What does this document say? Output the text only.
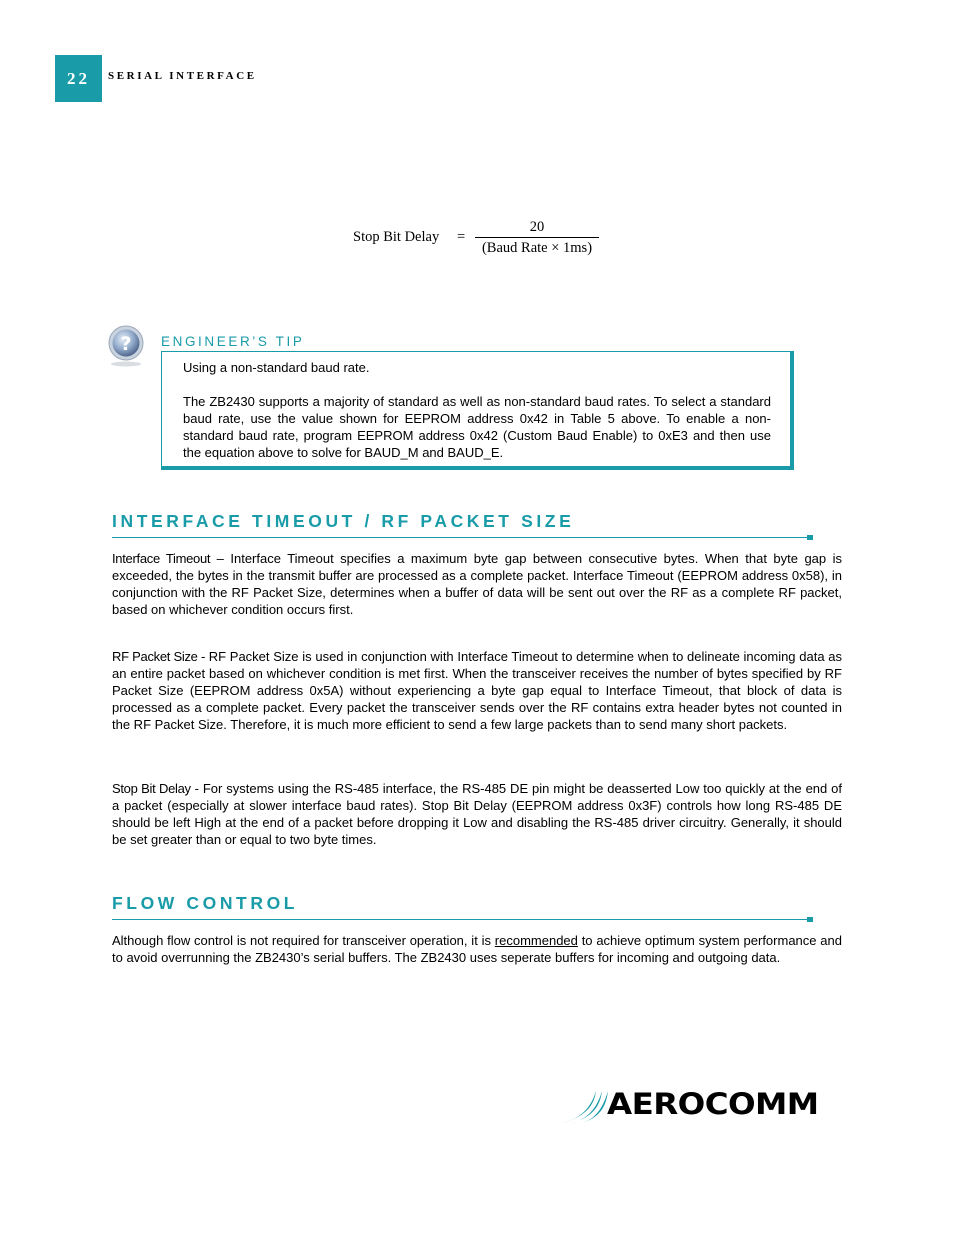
22 SERIAL INTERFACE
Stop Bit Delay =
20
(Baud Rate × 1ms)
? ENGINEER’S TIP
Using a non-standard baud rate.
The ZB2430 supports a majority of standard as well as non-standard baud rates. To select a standard baud rate, use the value shown for EEPROM address 0x42 in Table 5 above. To enable a non-standard baud rate, program EEPROM address 0x42 (Custom Baud Enable) to 0xE3 and then use the equation above to solve for BAUD_M and BAUD_E.
INTERFACE TIMEOUT / RF PACKET SIZE
Interface Timeout – Interface Timeout specifies a maximum byte gap between consecutive bytes. When that byte gap is exceeded, the bytes in the transmit buffer are processed as a complete packet. Interface Timeout (EEPROM address 0x58), in conjunction with the RF Packet Size, determines when a buffer of data will be sent out over the RF as a complete RF packet, based on whichever condition occurs first.
RF Packet Size - RF Packet Size is used in conjunction with Interface Timeout to determine when to delineate incoming data as an entire packet based on whichever condition is met first. When the transceiver receives the number of bytes specified by RF Packet Size (EEPROM address 0x5A) without experiencing a byte gap equal to Interface Timeout, that block of data is processed as a complete packet. Every packet the transceiver sends over the RF contains extra header bytes not counted in the RF Packet Size. Therefore, it is much more efficient to send a few large packets than to send many short packets.
Stop Bit Delay - For systems using the RS-485 interface, the RS-485 DE pin might be deasserted Low too quickly at the end of a packet (especially at slower interface baud rates). Stop Bit Delay (EEPROM address 0x3F) controls how long RS-485 DE should be left High at the end of a packet before dropping it Low and disabling the RS-485 driver circuitry. Generally, it should be set greater than or equal to two byte times.
FLOW CONTROL
Although flow control is not required for transceiver operation, it is recommended to achieve optimum system performance and to avoid overrunning the ZB2430’s serial buffers. The ZB2430 uses seperate buffers for incoming and outgoing data.
AEROCOMM
